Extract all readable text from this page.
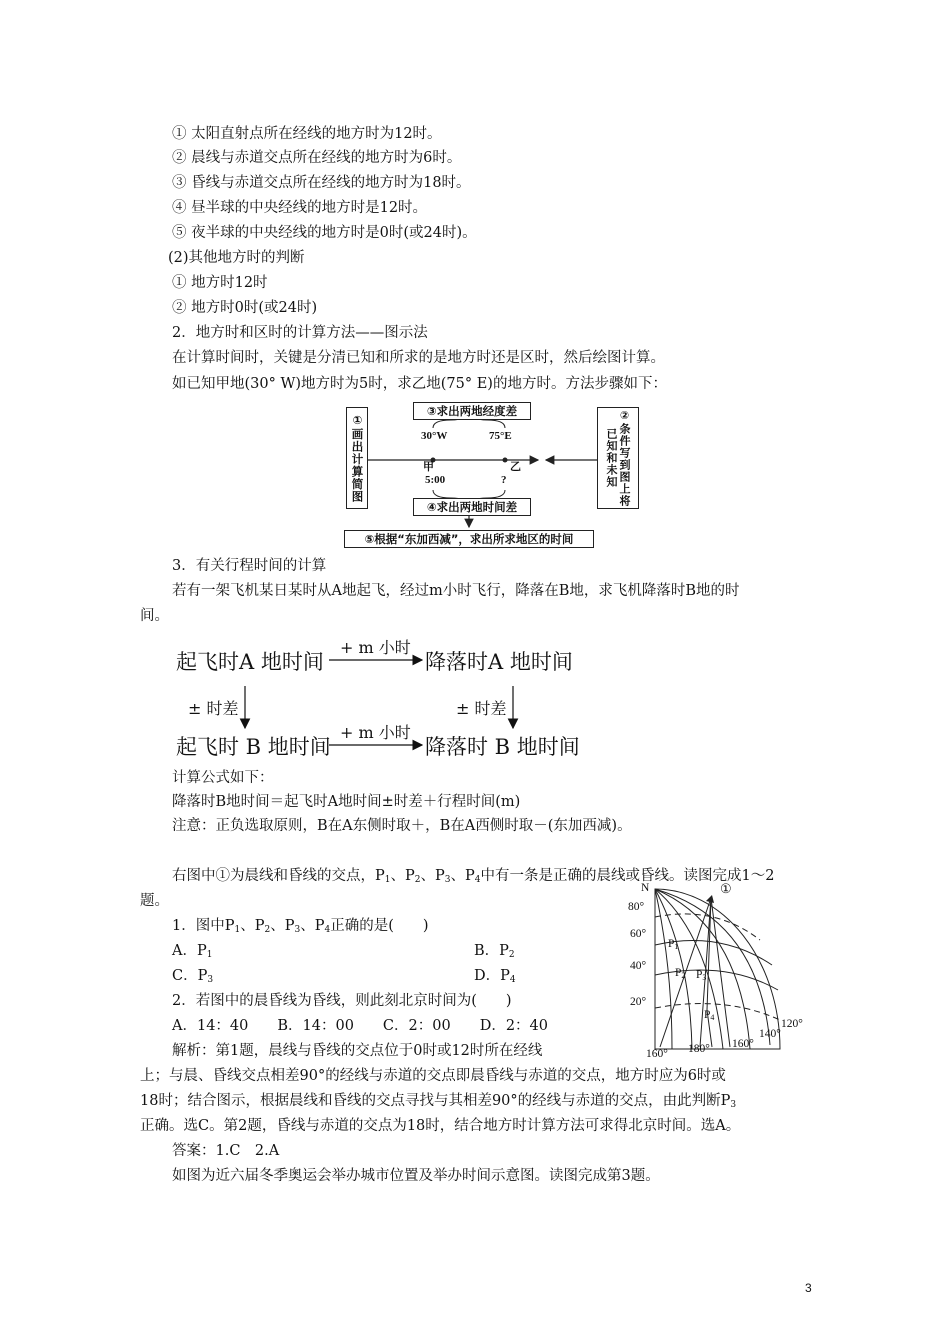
① 太阳直射点所在经线的地方时为12时。
② 晨线与赤道交点所在经线的地方时为6时。
③ 昏线与赤道交点所在经线的地方时为18时。
④ 昼半球的中央经线的地方时是12时。
⑤ 夜半球的中央经线的地方时是0时(或24时)。
(2)其他地方时的判断
① 地方时12时
② 地方时0时(或24时)
2．地方时和区时的计算方法——图示法
在计算时间时，关键是分清已知和所求的是地方时还是区时，然后绘图计算。
如已知甲地(30° W)地方时为5时，求乙地(75° E)的地方时。方法步骤如下：
①画出计算简图	②条件写到图上将已知和未知
③求出两地经度差
④求出两地时间差
⑤根据“东加西减”，求出所求地区的时间
30°W	75°E
甲	乙
5:00	?
3．有关行程时间的计算
若有一架飞机某日某时从A地起飞，经过m小时飞行，降落在B地，求飞机降落时B地的时
间。
起飞时A 地时间	降落时A 地时间
起飞时 B 地时间	降落时 B 地时间
+ m 小时
+ m 小时
± 时差	± 时差
计算公式如下：
降落时B地时间＝起飞时A地时间±时差＋行程时间(m)
注意：正负选取原则，B在A东侧时取＋，B在A西侧时取－(东加西减)。
右图中①为晨线和昏线的交点，$P_1$、$P_2$、$P_3$、$P_4$中有一条是正确的晨线或昏线。读图完成1～2
题。
1．图中$P_1$、$P_2$、$P_3$、$P_4$正确的是(　　)
A．$P_1$	B．$P_2$
C．$P_3$	D．$P_4$
2．若图中的晨昏线为昏线，则此刻北京时间为(　　)
A．14：40　　B．14：00　　C．2：00　　D．2：40
解析：第1题，晨线与昏线的交点位于0时或12时所在经线
上；与晨、昏线交点相差90°的经线与赤道的交点即晨昏线与赤道的交点，地方时应为6时或
18时；结合图示，根据晨线和昏线的交点寻找与其相差90°的经线与赤道的交点，由此判断$P_3$
正确。选C。第2题，昏线与赤道的交点为18时，结合地方时计算方法可求得北京时间。选A。
答案：1.C　2.A
如图为近六届冬季奥运会举办城市位置及举办时间示意图。读图完成第3题。
N	①
80°
60°
40°
20°
120°
140°
160°
180°
160°
$P_1$
$P_2$ $P_3$
$P_4$
3
